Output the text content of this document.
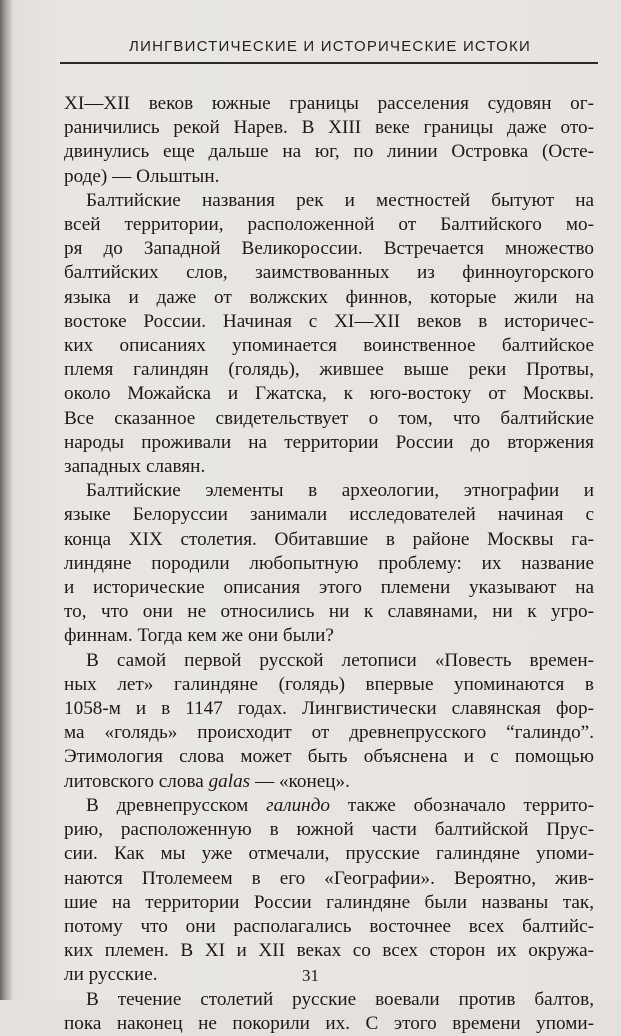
ЛИНГВИСТИЧЕСКИЕ И ИСТОРИЧЕСКИЕ ИСТОКИ
XI—XII веков южные границы расселения судовян ог-
раничились рекой Нарев. В XIII веке границы даже ото-
двинулись еще дальше на юг, по линии Островка (Осте-
роде) — Ольштын.
Балтийские названия рек и местностей бытуют на
всей территории, расположенной от Балтийского мо-
ря до Западной Великороссии. Встречается множество
балтийских слов, заимствованных из финноугорского
языка и даже от волжских финнов, которые жили на
востоке России. Начиная с XI—XII веков в историчес-
ких описаниях упоминается воинственное балтийское
племя галиндян (голядь), жившее выше реки Протвы,
около Можайска и Гжатска, к юго-востоку от Москвы.
Все сказанное свидетельствует о том, что балтийские
народы проживали на территории России до вторжения
западных славян.
Балтийские элементы в археологии, этнографии и
языке Белоруссии занимали исследователей начиная с
конца XIX столетия. Обитавшие в районе Москвы га-
линдяне породили любопытную проблему: их название
и исторические описания этого племени указывают на
то, что они не относились ни к славянами, ни к угро-
финнам. Тогда кем же они были?
В самой первой русской летописи «Повесть времен-
ных лет» галиндяне (голядь) впервые упоминаются в
1058-м и в 1147 годах. Лингвистически славянская фор-
ма «голядь» происходит от древнепрусского “галиндо”.
Этимология слова может быть объяснена и с помощью
литовского слова galas — «конец».
В древнепрусском галиндо также обозначало террито-
рию, расположенную в южной части балтийской Прус-
сии. Как мы уже отмечали, прусские галиндяне упоми-
наются Птолемеем в его «Географии». Вероятно, жив-
шие на территории России галиндяне были названы так,
потому что они располагались восточнее всех балтийс-
ких племен. В XI и XII веках со всех сторон их окружа-
ли русские.
В течение столетий русские воевали против балтов,
пока наконец не покорили их. С этого времени упоми-
31
